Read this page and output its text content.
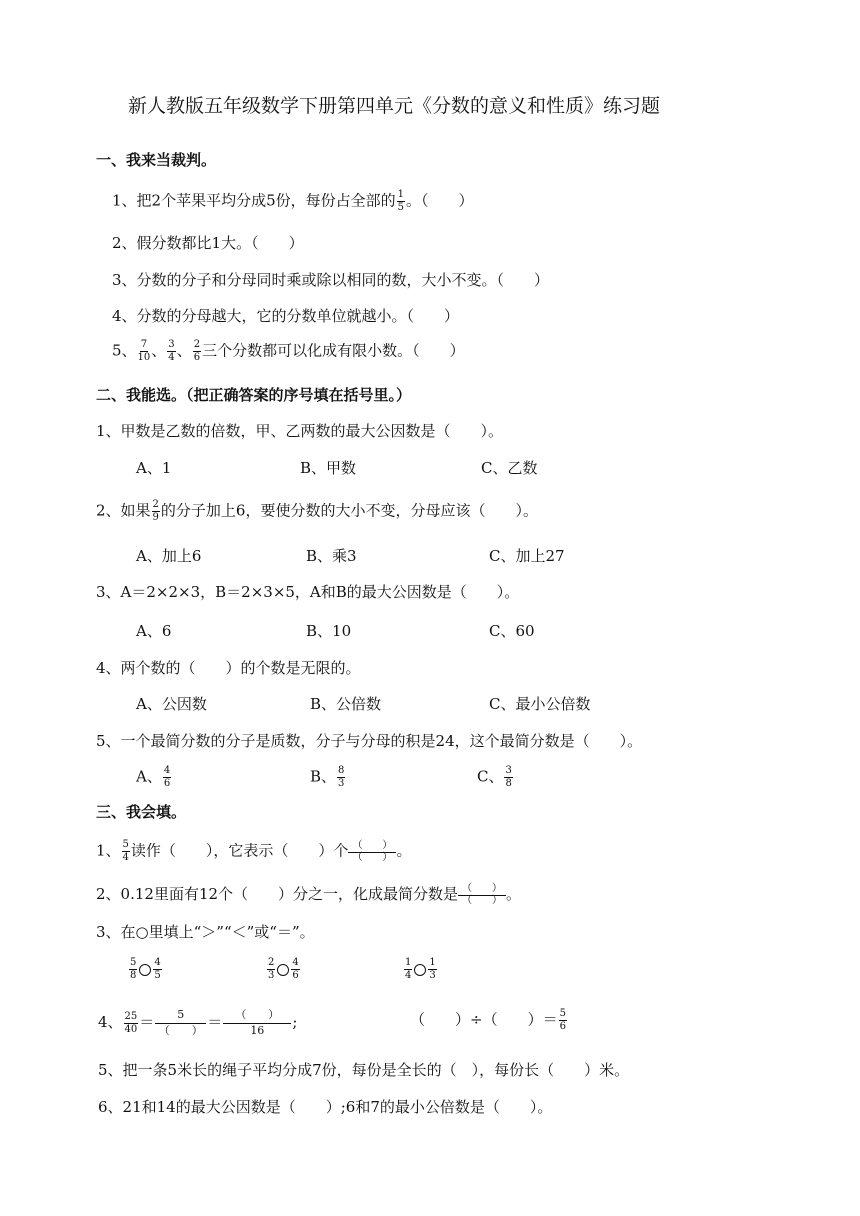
新人教版五年级数学下册第四单元《分数的意义和性质》练习题
一、我来当裁判。
1、把2个苹果平均分成5份，每份占全部的 $\frac{1}{5}$ 。（　　）
2、假分数都比1大。（　　）
3、分数的分子和分母同时乘或除以相同的数，大小不变。（　　）
4、分数的分母越大，它的分数单位就越小。（　　）
5、 $\frac{7}{10}$ 、 $\frac{3}{4}$ 、 $\frac{2}{6}$ 三个分数都可以化成有限小数。（　　）
二、我能选。（把正确答案的序号填在括号里。）
1、甲数是乙数的倍数，甲、乙两数的最大公因数是（　　）。
A、1	B、甲数	C、乙数
2、如果 $\frac{2}{9}$ 的分子加上6，要使分数的大小不变，分母应该（　　）。
A、加上6	B、乘3	C、加上27
3、A＝2×2×3，B＝2×3×5，A和B的最大公因数是（　　）。
A、6	B、10	C、60
4、两个数的（　　）的个数是无限的。
A、公因数	B、公倍数	C、最小公倍数
5、一个最简分数的分子是质数，分子与分母的积是24，这个最简分数是（　　）。
A、 $\frac{4}{6}$	B、 $\frac{8}{3}$	C、 $\frac{3}{8}$
三、我会填。
1、 $\frac{5}{4}$ 读作（　　），它表示（　　）个 （　　）
（　　） 。
2、0.12里面有12个（　　）分之一，化成最简分数是 （　　）
（　　） 。
3、在○里填上“＞”“＜”或“＝”。
$\frac{5}{8} \frac{4}{5}$	$\frac{2}{3} \frac{4}{6}$	$\frac{1}{4} \frac{1}{3}$
4、 $\frac{25}{40} = \frac{5}{( )} = \frac{( )}{16}$ ;	（　　）÷（　　）＝ $\frac{5}{6}$
5、把一条5米长的绳子平均分成7份，每份是全长的（　），每份长（　　）米。
6、21和14的最大公因数是（　　）;6和7的最小公倍数是（　　）。
